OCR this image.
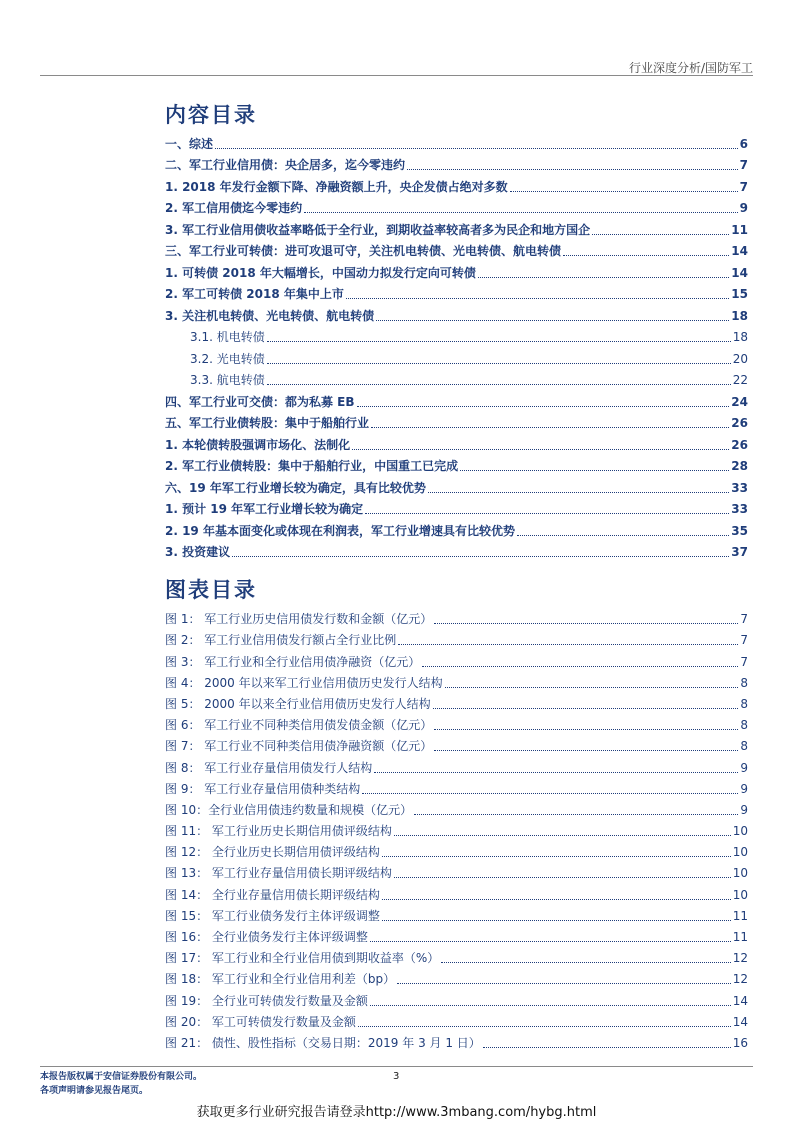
行业深度分析/国防军工
内容目录
一、综述	6
二、军工行业信用债：央企居多，迄今零违约	7
1. 2018 年发行金额下降、净融资额上升，央企发债占绝对多数	7
2. 军工信用债迄今零违约	9
3. 军工行业信用债收益率略低于全行业，到期收益率较高者多为民企和地方国企	11
三、军工行业可转债：进可攻退可守，关注机电转债、光电转债、航电转债	14
1. 可转债 2018 年大幅增长，中国动力拟发行定向可转债	14
2. 军工可转债 2018 年集中上市	15
3. 关注机电转债、光电转债、航电转债	18
3.1. 机电转债	18
3.2. 光电转债	20
3.3. 航电转债	22
四、军工行业可交债：都为私募 EB	24
五、军工行业债转股：集中于船舶行业	26
1. 本轮债转股强调市场化、法制化	26
2. 军工行业债转股：集中于船舶行业，中国重工已完成	28
六、19 年军工行业增长较为确定，具有比较优势	33
1. 预计 19 年军工行业增长较为确定	33
2. 19 年基本面变化或体现在利润表，军工行业增速具有比较优势	35
3. 投资建议	37
图表目录
图 1： 军工行业历史信用债发行数和金额（亿元）	7
图 2： 军工行业信用债发行额占全行业比例	7
图 3： 军工行业和全行业信用债净融资（亿元）	7
图 4： 2000 年以来军工行业信用债历史发行人结构	8
图 5： 2000 年以来全行业信用债历史发行人结构	8
图 6： 军工行业不同种类信用债发债金额（亿元）	8
图 7： 军工行业不同种类信用债净融资额（亿元）	8
图 8： 军工行业存量信用债发行人结构	9
图 9： 军工行业存量信用债种类结构	9
图 10：全行业信用债违约数量和规模（亿元）	9
图 11： 军工行业历史长期信用债评级结构	10
图 12： 全行业历史长期信用债评级结构	10
图 13： 军工行业存量信用债长期评级结构	10
图 14： 全行业存量信用债长期评级结构	10
图 15： 军工行业债务发行主体评级调整	11
图 16： 全行业债务发行主体评级调整	11
图 17： 军工行业和全行业信用债到期收益率（%）	12
图 18： 军工行业和全行业信用利差（bp）	12
图 19： 全行业可转债发行数量及金额	14
图 20： 军工可转债发行数量及金额	14
图 21： 债性、股性指标（交易日期：2019 年 3 月 1 日）	16
本报告版权属于安信证券股份有限公司。
各项声明请参见报告尾页。
3
获取更多行业研究报告请登录http://www.3mbang.com/hybg.html
